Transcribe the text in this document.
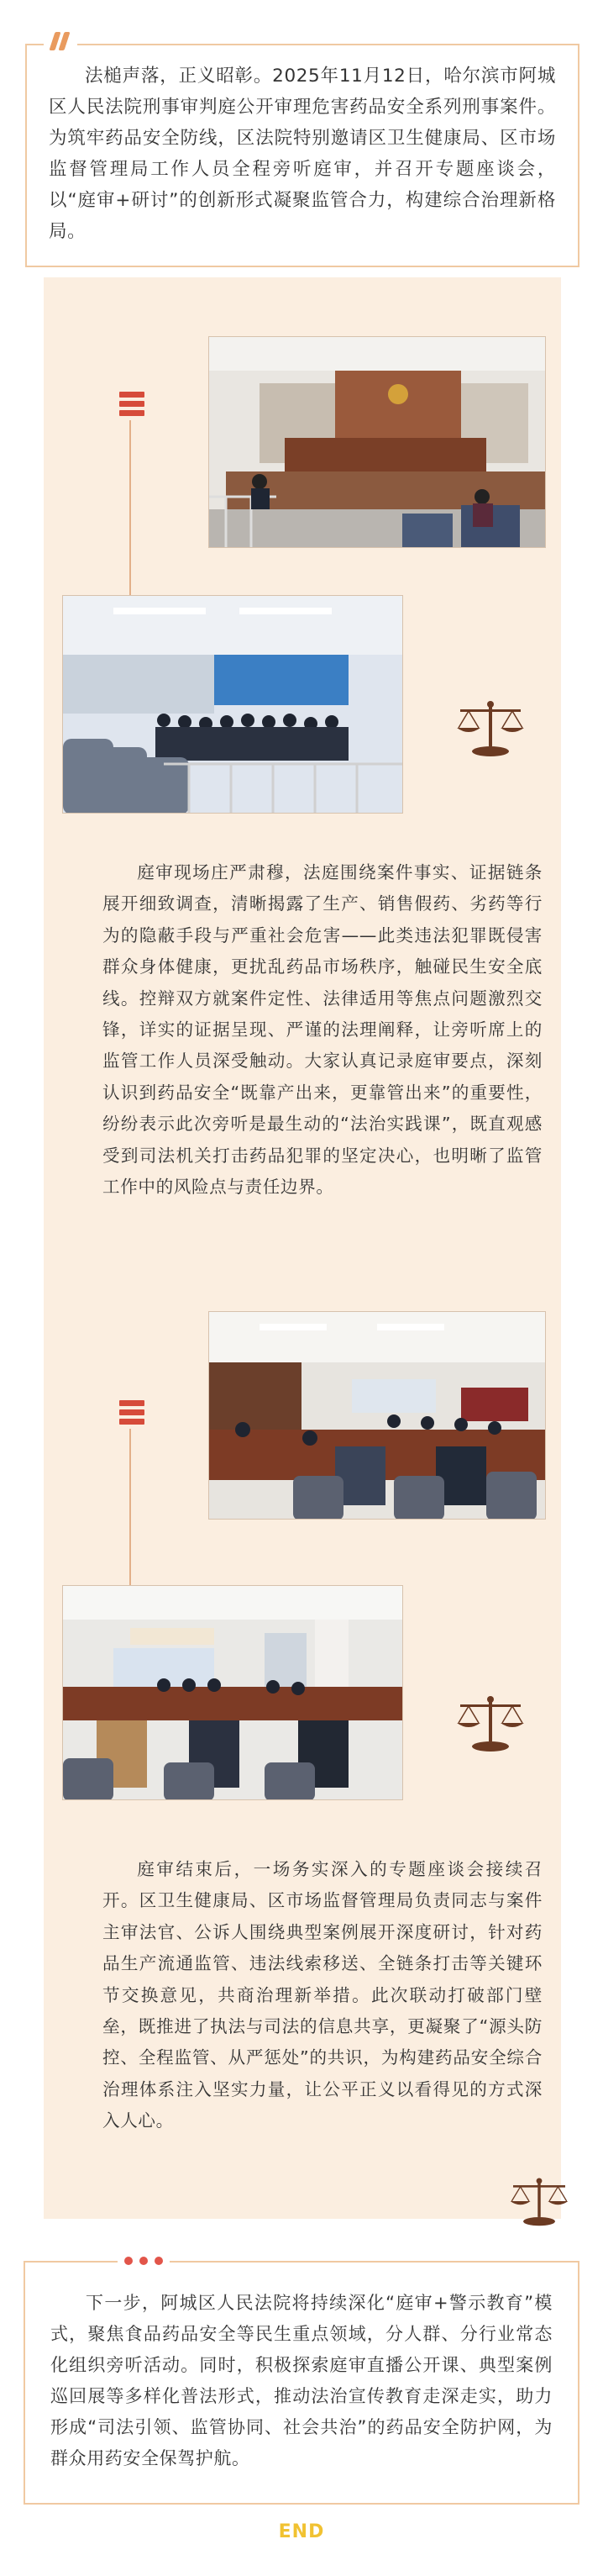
法槌声落，正义昭彰。2025年11月12日，哈尔滨市阿城区人民法院刑事审判庭公开审理危害药品安全系列刑事案件。为筑牢药品安全防线，区法院特别邀请区卫生健康局、区市场监督管理局工作人员全程旁听庭审，并召开专题座谈会，以“庭审+研讨”的创新形式凝聚监管合力，构建综合治理新格局。

庭审现场庄严肃穆，法庭围绕案件事实、证据链条展开细致调查，清晰揭露了生产、销售假药、劣药等行为的隐蔽手段与严重社会危害——此类违法犯罪既侵害群众身体健康，更扰乱药品市场秩序，触碰民生安全底线。控辩双方就案件定性、法律适用等焦点问题激烈交锋，详实的证据呈现、严谨的法理阐释，让旁听席上的监管工作人员深受触动。大家认真记录庭审要点，深刻认识到药品安全“既靠产出来，更靠管出来”的重要性，纷纷表示此次旁听是最生动的“法治实践课”，既直观感受到司法机关打击药品犯罪的坚定决心，也明晰了监管工作中的风险点与责任边界。

庭审结束后，一场务实深入的专题座谈会接续召开。区卫生健康局、区市场监督管理局负责同志与案件主审法官、公诉人围绕典型案例展开深度研讨，针对药品生产流通监管、违法线索移送、全链条打击等关键环节交换意见，共商治理新举措。此次联动打破部门壁垒，既推进了执法与司法的信息共享，更凝聚了“源头防控、全程监管、从严惩处”的共识，为构建药品安全综合治理体系注入坚实力量，让公平正义以看得见的方式深入人心。

下一步，阿城区人民法院将持续深化“庭审+警示教育”模式，聚焦食品药品安全等民生重点领域，分人群、分行业常态化组织旁听活动。同时，积极探索庭审直播公开课、典型案例巡回展等多样化普法形式，推动法治宣传教育走深走实，助力形成“司法引领、监管协同、社会共治”的药品安全防护网，为群众用药安全保驾护航。

END
